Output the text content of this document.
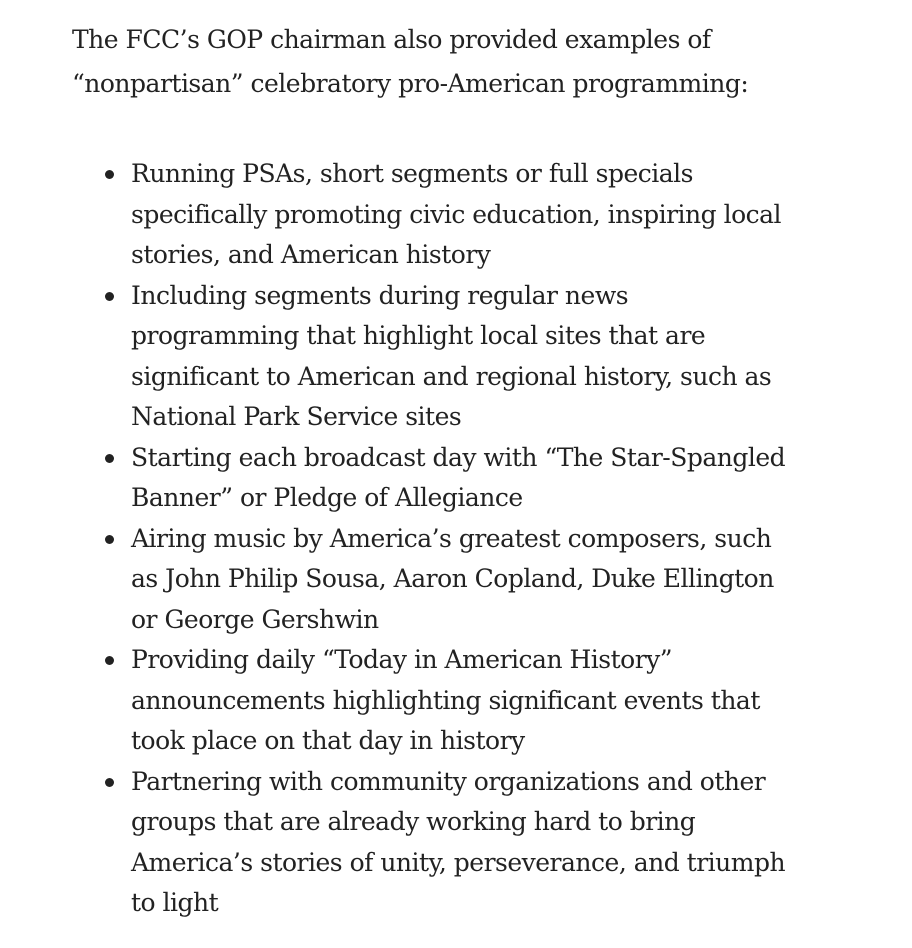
The FCC’s GOP chairman also provided examples of “nonpartisan” celebratory pro-American programming:

Running PSAs, short segments or full specials specifically promoting civic education, inspiring local stories, and American history
Including segments during regular news programming that highlight local sites that are significant to American and regional history, such as National Park Service sites
Starting each broadcast day with “The Star-Spangled Banner” or Pledge of Allegiance
Airing music by America’s greatest composers, such as John Philip Sousa, Aaron Copland, Duke Ellington or George Gershwin
Providing daily “Today in American History” announcements highlighting significant events that took place on that day in history
Partnering with community organizations and other groups that are already working hard to bring America’s stories of unity, perseverance, and triumph to light
